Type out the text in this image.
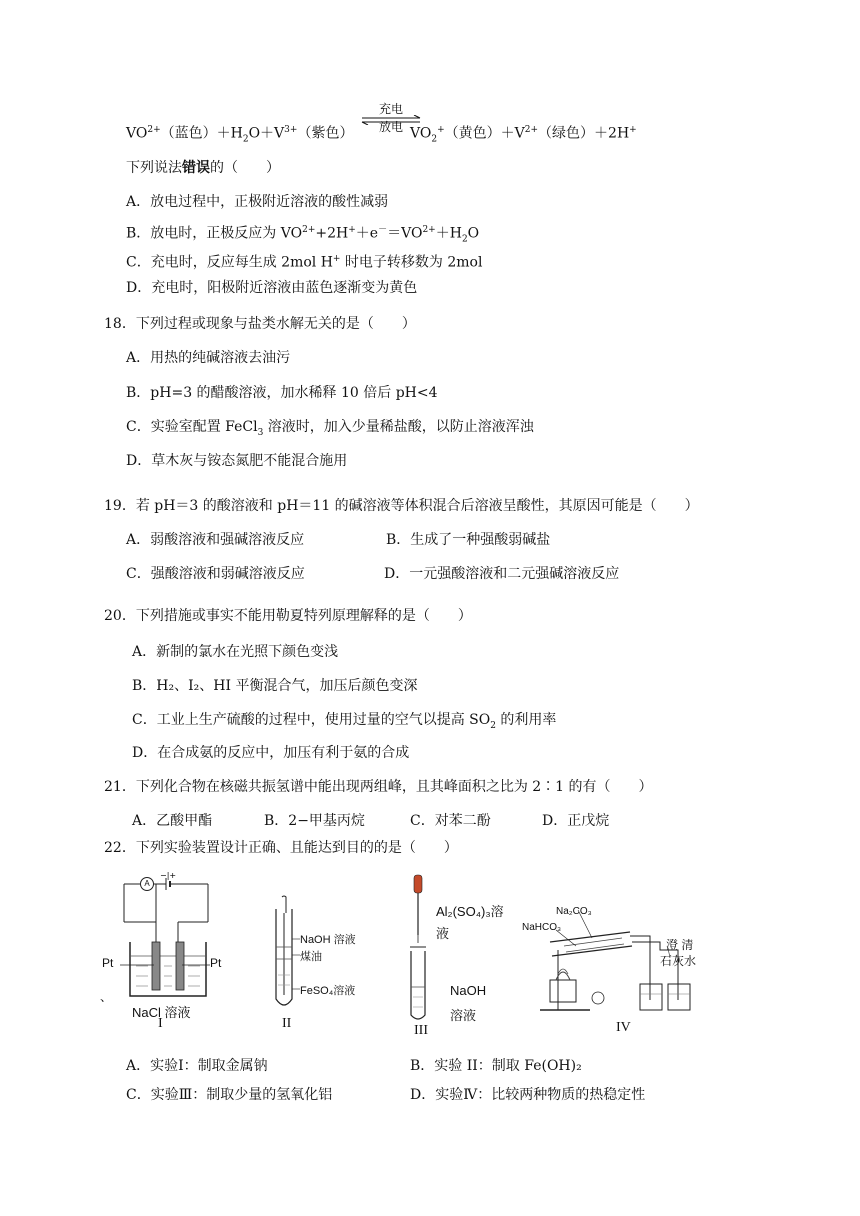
$VO^{2+}$（蓝色）$+H_2O+V^{3+}$（紫色）
充电
放电 $VO_2^+$（黄色）$+V^{2+}$（绿色）＋2H+
下列说法错误的（　　）
A．放电过程中，正极附近溶液的酸性减弱
B．放电时，正极反应为 $VO^{2+}+2H^++e^-=VO^{2+}+H_2O$
C．充电时，反应每生成 2mol H+ 时电子转移数为 2mol
D．充电时，阳极附近溶液由蓝色逐渐变为黄色
18．下列过程或现象与盐类水解无关的是（　　）
A．用热的纯碱溶液去油污
B．pH=3 的醋酸溶液，加水稀释 10 倍后 pH<4
C．实验室配置 FeCl$_3$ 溶液时，加入少量稀盐酸，以防止溶液浑浊
D．草木灰与铵态氮肥不能混合施用
19．若 pH＝3 的酸溶液和 pH＝11 的碱溶液等体积混合后溶液呈酸性，其原因可能是（　　）
A．弱酸溶液和强碱溶液反应	B．生成了一种强酸弱碱盐
C．强酸溶液和弱碱溶液反应	D．一元强酸溶液和二元强碱溶液反应
20．下列措施或事实不能用勒夏特列原理解释的是（　　）
A．新制的氯水在光照下颜色变浅
B．H₂、I₂、HI 平衡混合气，加压后颜色变深
C．工业上生产硫酸的过程中，使用过量的空气以提高 $SO_2$ 的利用率
D．在合成氨的反应中，加压有利于氨的合成
21．下列化合物在核磁共振氢谱中能出现两组峰，且其峰面积之比为 2∶1 的有（　　）
A．乙酸甲酯	B．2−甲基丙烷	C．对苯二酚	D．正戊烷
22．下列实验装置设计正确、且能达到目的的是（　　）
−|+
A
Pt	Pt
、
NaCl 溶液
I
NaOH 溶液
煤油
FeSO₄溶液
II
Al₂(SO₄)₃溶
液
NaOH
溶液
III
Na₂CO₃
NaHCO₃
澄 清
石灰水
IV
A．实验Ⅰ：制取金属钠	B．实验 II：制取 Fe(OH)₂
C．实验Ⅲ：制取少量的氢氧化铝	D．实验Ⅳ：比较两种物质的热稳定性
